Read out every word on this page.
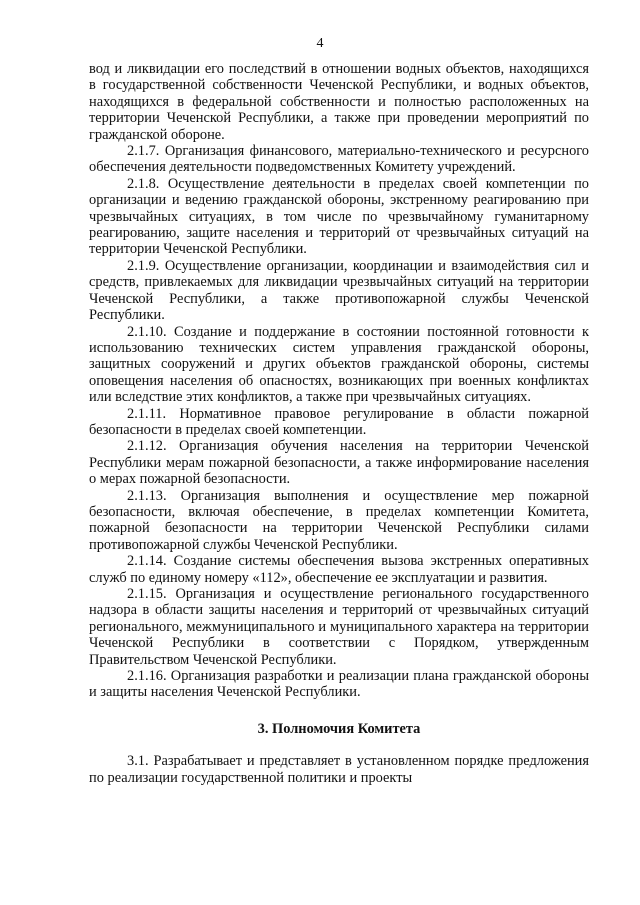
4

вод и ликвидации его последствий в отношении водных объектов, находящихся в государственной собственности Чеченской Республики, и водных объектов, находящихся в федеральной собственности и полностью расположенных на территории Чеченской Республики, а также при проведении мероприятий по гражданской обороне.

2.1.7. Организация финансового, материально-технического и ресурсного обеспечения деятельности подведомственных Комитету учреждений.

2.1.8. Осуществление деятельности в пределах своей компетенции по организации и ведению гражданской обороны, экстренному реагированию при чрезвычайных ситуациях, в том числе по чрезвычайному гуманитарному реагированию, защите населения и территорий от чрезвычайных ситуаций на территории Чеченской Республики.

2.1.9. Осуществление организации, координации и взаимодействия сил и средств, привлекаемых для ликвидации чрезвычайных ситуаций на территории Чеченской Республики, а также противопожарной службы Чеченской Республики.

2.1.10. Создание и поддержание в состоянии постоянной готовности к использованию технических систем управления гражданской обороны, защитных сооружений и других объектов гражданской обороны, системы оповещения населения об опасностях, возникающих при военных конфликтах или вследствие этих конфликтов, а также при чрезвычайных ситуациях.

2.1.11. Нормативное правовое регулирование в области пожарной безопасности в пределах своей компетенции.

2.1.12. Организация обучения населения на территории Чеченской Республики мерам пожарной безопасности, а также информирование населения о мерах пожарной безопасности.

2.1.13. Организация выполнения и осуществление мер пожарной безопасности, включая обеспечение, в пределах компетенции Комитета, пожарной безопасности на территории Чеченской Республики силами противопожарной службы Чеченской Республики.

2.1.14. Создание системы обеспечения вызова экстренных оперативных служб по единому номеру «112», обеспечение ее эксплуатации и развития.

2.1.15. Организация и осуществление регионального государственного надзора в области защиты населения и территорий от чрезвычайных ситуаций регионального, межмуниципального и муниципального характера на территории Чеченской Республики в соответствии с Порядком, утвержденным Правительством Чеченской Республики.

2.1.16. Организация разработки и реализации плана гражданской обороны и защиты населения Чеченской Республики.

3. Полномочия Комитета

3.1. Разрабатывает и представляет в установленном порядке предложения по реализации государственной политики и проекты
